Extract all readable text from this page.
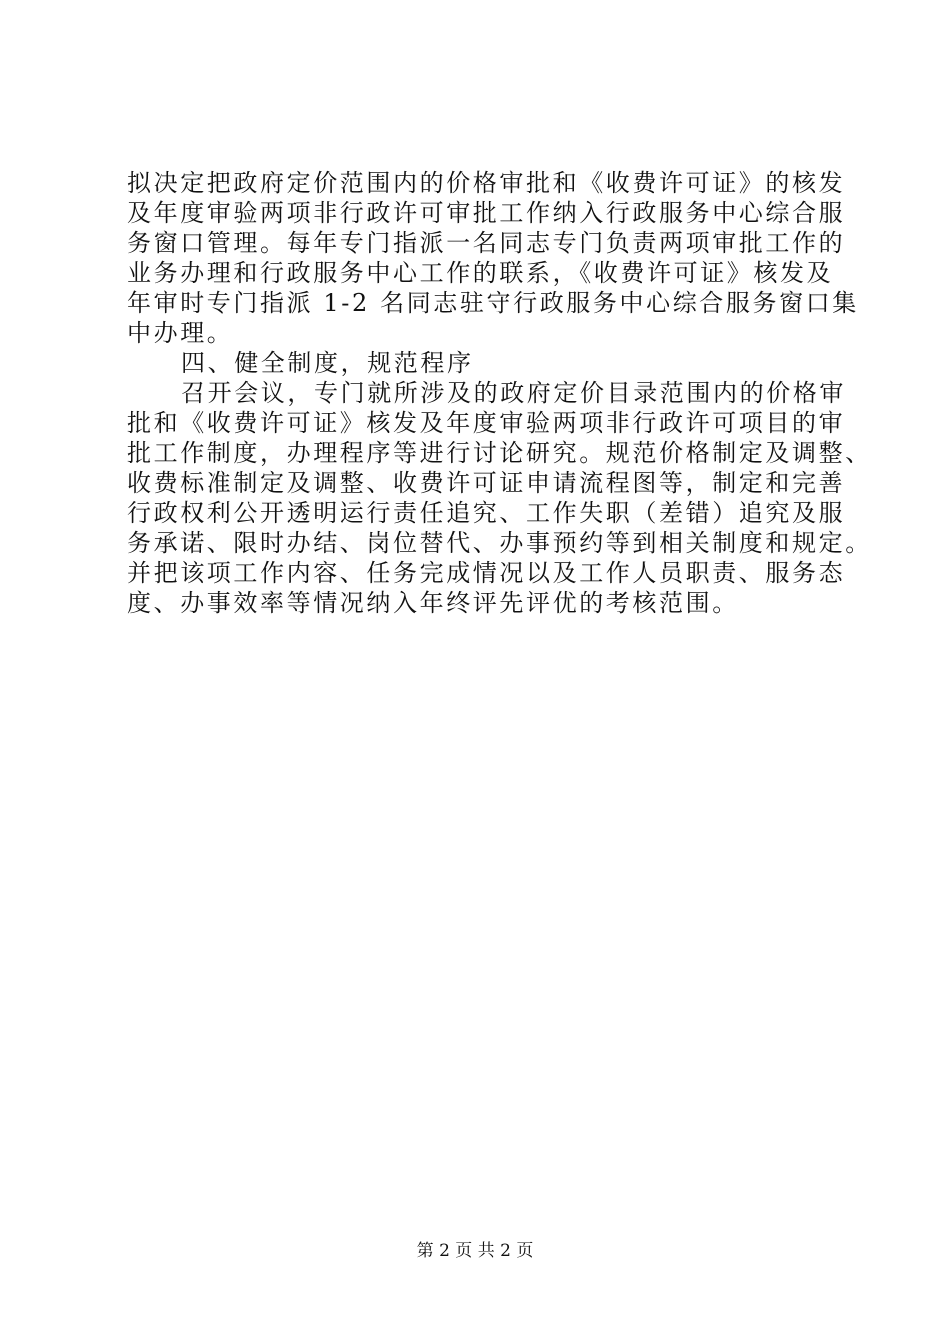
拟决定把政府定价范围内的价格审批和《收费许可证》的核发
及年度审验两项非行政许可审批工作纳入行政服务中心综合服
务窗口管理。每年专门指派一名同志专门负责两项审批工作的
业务办理和行政服务中心工作的联系，《收费许可证》核发及
年审时专门指派 1-2 名同志驻守行政服务中心综合服务窗口集
中办理。
四、健全制度，规范程序
召开会议，专门就所涉及的政府定价目录范围内的价格审
批和《收费许可证》核发及年度审验两项非行政许可项目的审
批工作制度，办理程序等进行讨论研究。规范价格制定及调整、
收费标准制定及调整、收费许可证申请流程图等，制定和完善
行政权利公开透明运行责任追究、工作失职（差错）追究及服
务承诺、限时办结、岗位替代、办事预约等到相关制度和规定。
并把该项工作内容、任务完成情况以及工作人员职责、服务态
度、办事效率等情况纳入年终评先评优的考核范围。
第 2 页 共 2 页
